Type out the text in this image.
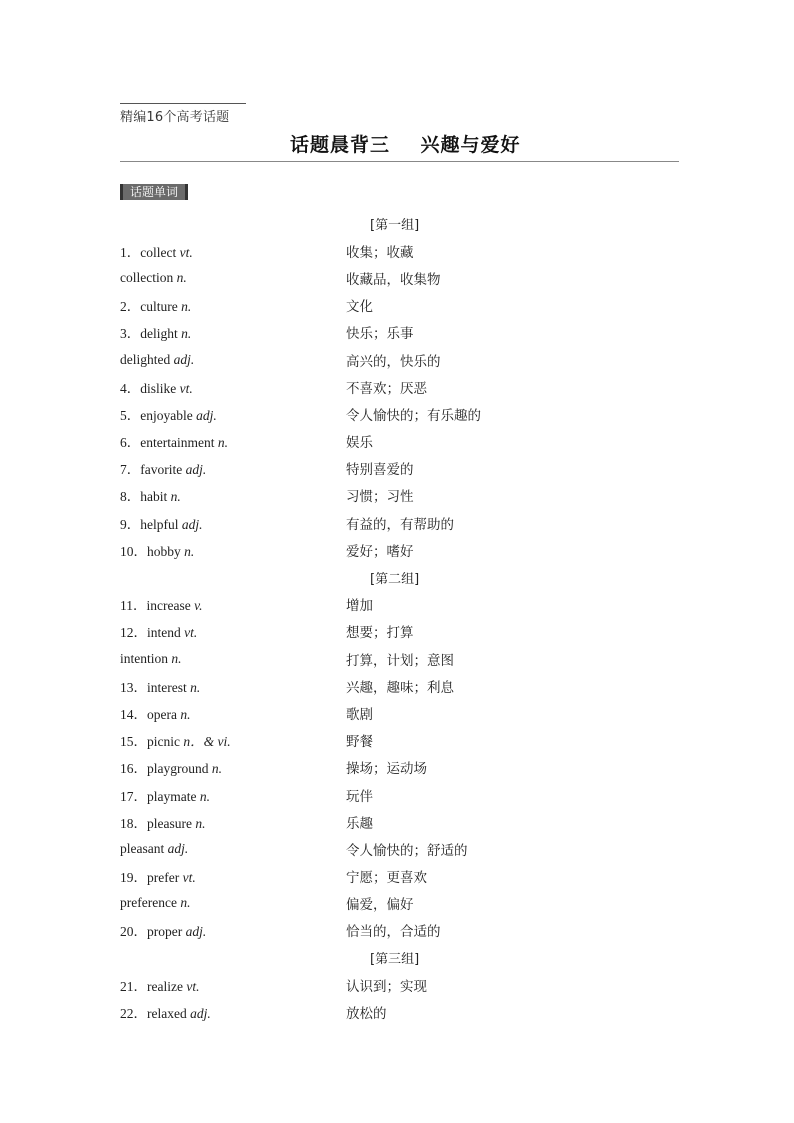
精编16个高考话题
话题晨背三    兴趣与爱好
话题单词
[第一组]
1．collect vt.	收集；收藏
collection n.	收藏品，收集物
2．culture n.	文化
3．delight n.	快乐；乐事
delighted adj.	高兴的，快乐的
4．dislike vt.	不喜欢；厌恶
5．enjoyable adj.	令人愉快的；有乐趣的
6．entertainment n.	娱乐
7．favorite adj.	特别喜爱的
8．habit n.	习惯；习性
9．helpful adj.	有益的，有帮助的
10．hobby n.	爱好；嗜好
[第二组]
11．increase v.	增加
12．intend vt.	想要；打算
intention n.	打算，计划；意图
13．interest n.	兴趣，趣味；利息
14．opera n.	歌剧
15．picnic n．& vi.	野餐
16．playground n.	操场；运动场
17．playmate n.	玩伴
18．pleasure n.	乐趣
pleasant adj.	令人愉快的；舒适的
19．prefer vt.	宁愿；更喜欢
preference n.	偏爱，偏好
20．proper adj.	恰当的，合适的
[第三组]
21．realize vt.	认识到；实现
22．relaxed adj.	放松的
